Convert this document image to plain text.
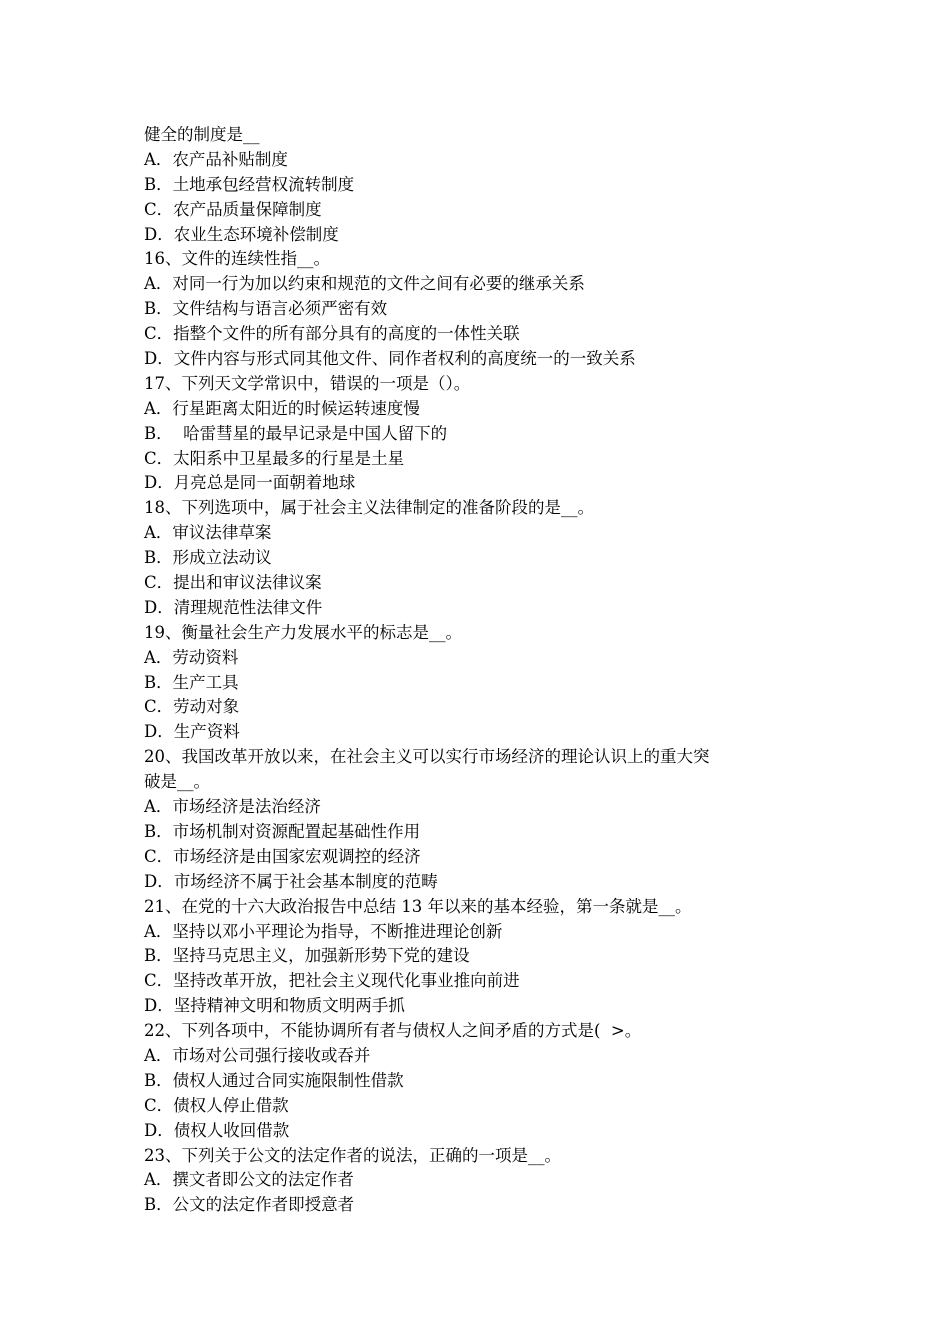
健全的制度是__
A．农产品补贴制度
B．土地承包经营权流转制度
C．农产品质量保障制度
D．农业生态环境补偿制度
16、文件的连续性指__。
A．对同一行为加以约束和规范的文件之间有必要的继承关系
B．文件结构与语言必须严密有效
C．指整个文件的所有部分具有的高度的一体性关联
D．文件内容与形式同其他文件、同作者权利的高度统一的一致关系
17、下列天文学常识中，错误的一项是（）。
A．行星距离太阳近的时候运转速度慢
B．  哈雷彗星的最早记录是中国人留下的
C．太阳系中卫星最多的行星是土星
D．月亮总是同一面朝着地球
18、下列选项中，属于社会主义法律制定的准备阶段的是__。
A．审议法律草案
B．形成立法动议
C．提出和审议法律议案
D．清理规范性法律文件
19、衡量社会生产力发展水平的标志是__。
A．劳动资料
B．生产工具
C．劳动对象
D．生产资料
20、我国改革开放以来，在社会主义可以实行市场经济的理论认识上的重大突
破是__。
A．市场经济是法治经济
B．市场机制对资源配置起基础性作用
C．市场经济是由国家宏观调控的经济
D．市场经济不属于社会基本制度的范畴
21、在党的十六大政治报告中总结 13 年以来的基本经验，第一条就是__。
A．坚持以邓小平理论为指导，不断推进理论创新
B．坚持马克思主义，加强新形势下党的建设
C．坚持改革开放，把社会主义现代化事业推向前进
D．坚持精神文明和物质文明两手抓
22、下列各项中，不能协调所有者与债权人之间矛盾的方式是(  >。
A．市场对公司强行接收或吞并
B．债权人通过合同实施限制性借款
C．债权人停止借款
D．债权人收回借款
23、下列关于公文的法定作者的说法，正确的一项是__。
A．撰文者即公文的法定作者
B．公文的法定作者即授意者
